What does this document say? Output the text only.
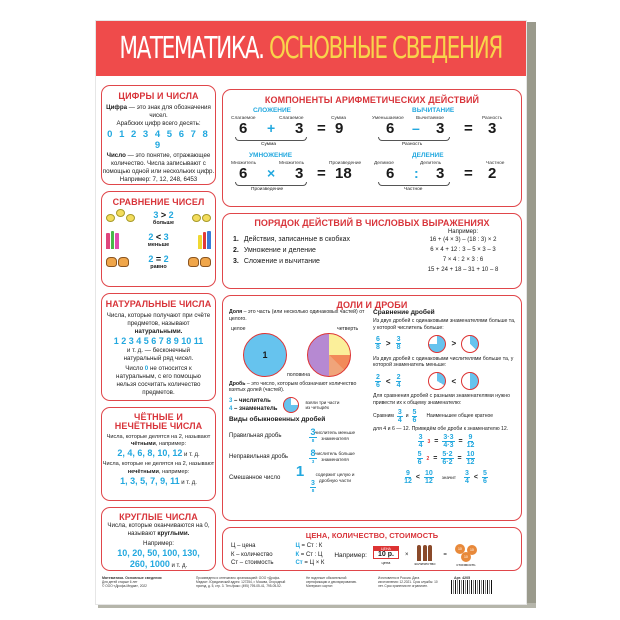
МАТЕМАТИКА. ОСНОВНЫЕ СВЕДЕНИЯ
ЦИФРЫ И ЧИСЛА
Цифра — это знак для обозначения чисел.
Арабских цифр всего десять:
0 1 2 3 4 5 6 7 8 9
Число — это понятие, отражающее количество. Числа записывают с помощью одной или нескольких цифр.
Например: 7, 12, 248, 6453
СРАВНЕНИЕ ЧИСЕЛ
3 > 2
больше
2 < 3
меньше
2 = 2
равно
НАТУРАЛЬНЫЕ ЧИСЛА
Числа, которые получают при счёте предметов, называют натуральными.
1 2 3 4 5 6 7 8 9 10 11
и т. д. — бесконечный натуральный ряд чисел.
Число 0 не относится к натуральным, с его помощью нельзя сосчитать количество предметов.
ЧЁТНЫЕ И НЕЧЁТНЫЕ ЧИСЛА
Числа, которые делятся на 2, называют чётными, например:
2, 4, 6, 8, 10, 12 и т. д.
Числа, которые не делятся на 2, называют нечётными, например:
1, 3, 5, 7, 9, 11 и т. д.
КРУГЛЫЕ ЧИСЛА
Числа, которые оканчиваются на 0, называют круглыми.
Например:
10, 20, 50, 100, 130,
260, 1000 и т. д.
КОМПОНЕНТЫ АРИФМЕТИЧЕСКИХ ДЕЙСТВИЙ
СЛОЖЕНИЕ
Слагаемое	Слагаемое	Сумма
6 + 3 = 9
Сумма
ВЫЧИТАНИЕ
Уменьшаемое	Вычитаемое	Разность
6 – 3 = 3
Разность
УМНОЖЕНИЕ
Множитель	Множитель	Произведение
6 × 3 = 18
Произведение
ДЕЛЕНИЕ
Делимое	Делитель	Частное
6 : 3 = 2
Частное
ПОРЯДОК ДЕЙСТВИЙ В ЧИСЛОВЫХ ВЫРАЖЕНИЯХ
1. Действия, записанные в скобках
2. Умножение и деление
3. Сложение и вычитание
Например:
16 + (4 × 3) – (18 : 3) × 2
6 × 4 + 12 : 3 – 5 × 3 – 3
7 × 4 : 2 × 3 : 6
15 + 24 + 18 – 31 + 10 – 8
ДОЛИ И ДРОБИ
Доля – это часть (или несколько одинаковых частей) от целого.
целое
1
четверть
половина
Дробь – это число, которым обозначают количество взятых долей (частей).
3 – числитель
4 – знаменатель
взяли три части из четырёх
Виды обыкновенных дробей
Правильная дробь $\frac{3}{8}$
числитель меньше знаменателя
Неправильная дробь $\frac{8}{3}$
числитель больше знаменателя
Смешанное число	1
$\frac{3}{8}$
содержит целую и дробную части
Сравнение дробей
Из двух дробей с одинаковыми знаменателями больше та, у которой числитель больше:
$\frac{6}{8} > \frac{3}{8}$	>
Из двух дробей с одинаковыми числителями больше та, у которой знаменатель меньше:
$\frac{2}{6} < \frac{2}{4}$	<
Для сравнения дробей с разными знаменателями нужно привести их к общему знаменателю:
Сравним $\frac{3}{4}$ и $\frac{5}{6}$ Наименьшее общее кратное
для 4 и 6 — 12. Приведём обе дроби к знаменателю 12.
$\frac{3}{4} 3 = \frac{3\cdot 3}{4\cdot 3} = \frac{9}{12}$
$\frac{5}{6} 2 = \frac{5\cdot 2}{6\cdot 2} = \frac{10}{12}$
$\frac{9}{12} < \frac{10}{12}$ значит $\frac{3}{4} < \frac{5}{6}$
ЦЕНА, КОЛИЧЕСТВО, СТОИМОСТЬ
Ц – цена
К – количество
Ст – стоимость
Ц = Ст : К
К = Ст : Ц
Ст = Ц × К
Например:
ЦЕНА
10 р.
цена
×
количество
=
10	10
10
стоимость
Математика. Основные сведения
Для детей старше 6 лет
© ООО «Дрофа-Медиа», 2022
Произведено и отпечатано организацией: ООО «Дрофа-Медиа». Юридический адрес: 127254, г. Москва, Огородный проезд, д. 5, стр. 3. Тел./факс: (495) 795-05-41, 795-05-52.
Не подлежит обязательной сертификации и декларированию. Материал: картон
Изготовлено в России. Дата изготовления: 12.2021. Срок службы: 10 лет. Срок хранения не ограничен.
Арт. 4205
